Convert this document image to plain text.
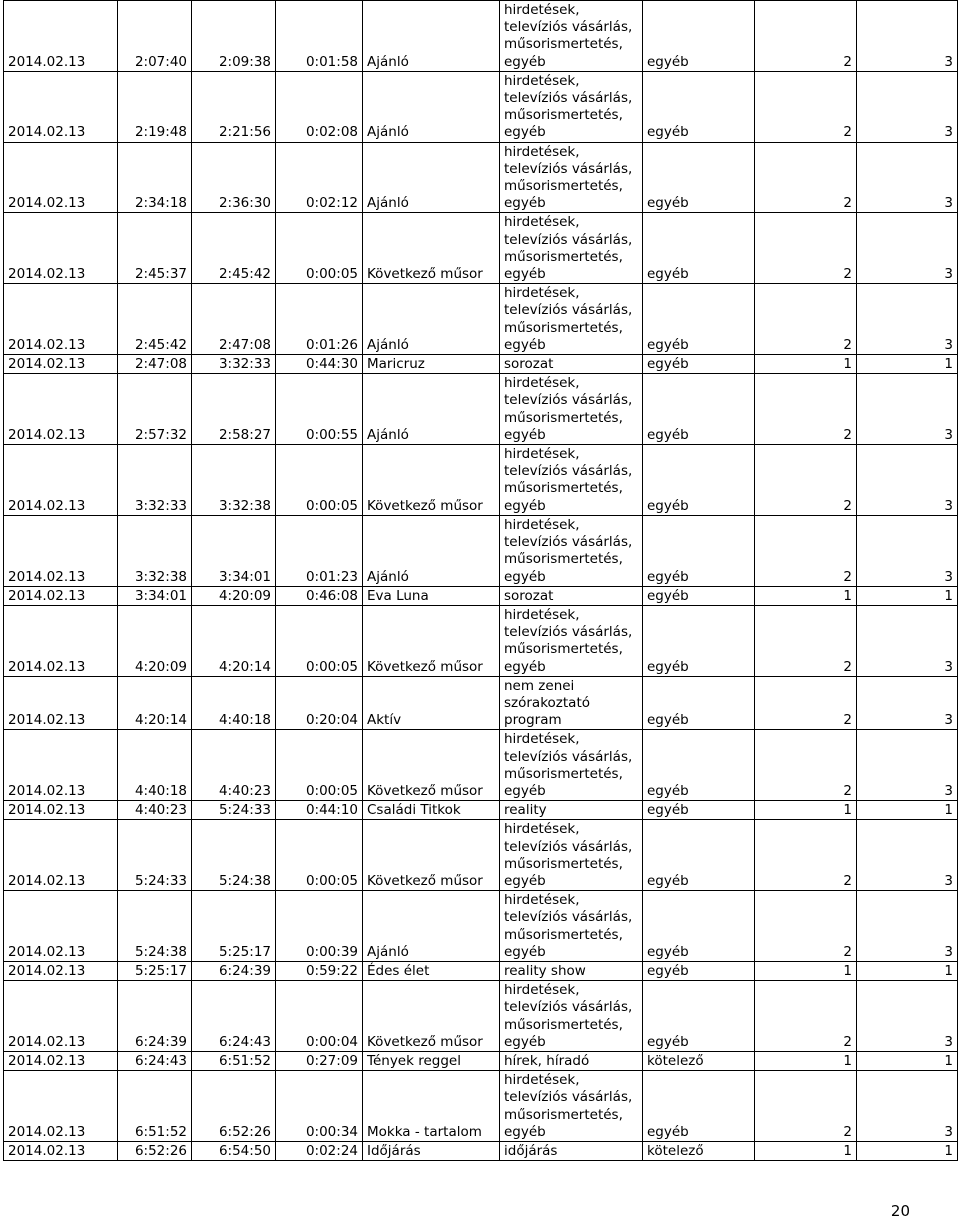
2014.02.13	2:07:40	2:09:38	0:01:58	Ajánló	hirdetések, televíziós vásárlás, műsorismertetés, egyéb	egyéb	2	3
2014.02.13	2:19:48	2:21:56	0:02:08	Ajánló	hirdetések, televíziós vásárlás, műsorismertetés, egyéb	egyéb	2	3
2014.02.13	2:34:18	2:36:30	0:02:12	Ajánló	hirdetések, televíziós vásárlás, műsorismertetés, egyéb	egyéb	2	3
2014.02.13	2:45:37	2:45:42	0:00:05	Következő műsor	hirdetések, televíziós vásárlás, műsorismertetés, egyéb	egyéb	2	3
2014.02.13	2:45:42	2:47:08	0:01:26	Ajánló	hirdetések, televíziós vásárlás, műsorismertetés, egyéb	egyéb	2	3
2014.02.13	2:47:08	3:32:33	0:44:30	Maricruz	sorozat	egyéb	1	1
2014.02.13	2:57:32	2:58:27	0:00:55	Ajánló	hirdetések, televíziós vásárlás, műsorismertetés, egyéb	egyéb	2	3
2014.02.13	3:32:33	3:32:38	0:00:05	Következő műsor	hirdetések, televíziós vásárlás, műsorismertetés, egyéb	egyéb	2	3
2014.02.13	3:32:38	3:34:01	0:01:23	Ajánló	hirdetések, televíziós vásárlás, műsorismertetés, egyéb	egyéb	2	3
2014.02.13	3:34:01	4:20:09	0:46:08	Eva Luna	sorozat	egyéb	1	1
2014.02.13	4:20:09	4:20:14	0:00:05	Következő műsor	hirdetések, televíziós vásárlás, műsorismertetés, egyéb	egyéb	2	3
2014.02.13	4:20:14	4:40:18	0:20:04	Aktív	nem zenei szórakoztató program	egyéb	2	3
2014.02.13	4:40:18	4:40:23	0:00:05	Következő műsor	hirdetések, televíziós vásárlás, műsorismertetés, egyéb	egyéb	2	3
2014.02.13	4:40:23	5:24:33	0:44:10	Családi Titkok	reality	egyéb	1	1
2014.02.13	5:24:33	5:24:38	0:00:05	Következő műsor	hirdetések, televíziós vásárlás, műsorismertetés, egyéb	egyéb	2	3
2014.02.13	5:24:38	5:25:17	0:00:39	Ajánló	hirdetések, televíziós vásárlás, műsorismertetés, egyéb	egyéb	2	3
2014.02.13	5:25:17	6:24:39	0:59:22	Édes élet	reality show	egyéb	1	1
2014.02.13	6:24:39	6:24:43	0:00:04	Következő műsor	hirdetések, televíziós vásárlás, műsorismertetés, egyéb	egyéb	2	3
2014.02.13	6:24:43	6:51:52	0:27:09	Tények reggel	hírek, híradó	kötelező	1	1
2014.02.13	6:51:52	6:52:26	0:00:34	Mokka - tartalom	hirdetések, televíziós vásárlás, műsorismertetés, egyéb	egyéb	2	3
2014.02.13	6:52:26	6:54:50	0:02:24	Időjárás	időjárás	kötelező	1	1
20
